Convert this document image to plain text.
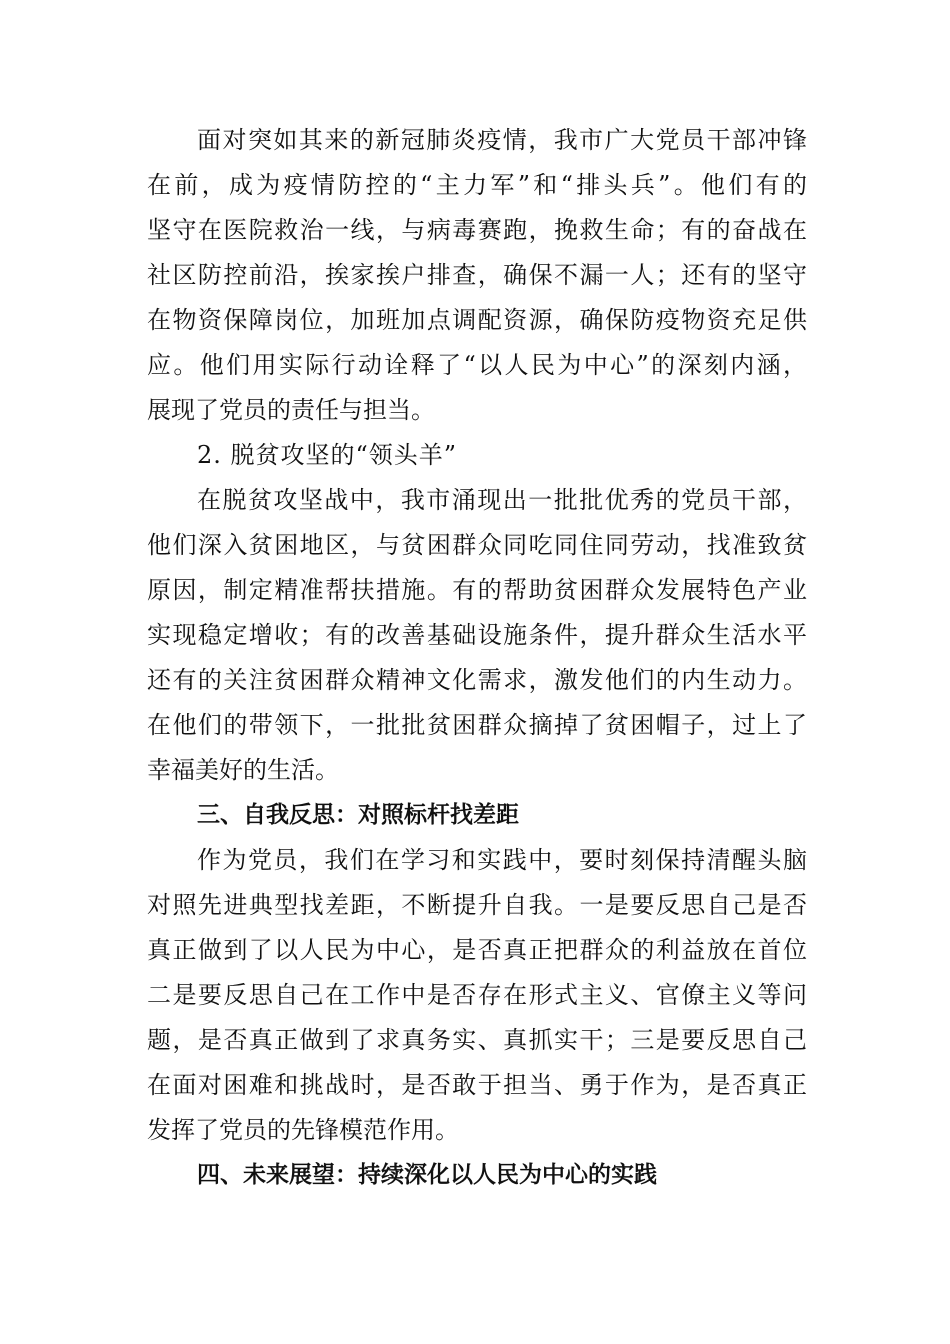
面对突如其来的新冠肺炎疫情，我市广大党员干部冲锋
在前，成为疫情防控的“主力军”和“排头兵”。他们有的
坚守在医院救治一线，与病毒赛跑，挽救生命；有的奋战在
社区防控前沿，挨家挨户排查，确保不漏一人；还有的坚守
在物资保障岗位，加班加点调配资源，确保防疫物资充足供
应。他们用实际行动诠释了“以人民为中心”的深刻内涵，
展现了党员的责任与担当。
2. 脱贫攻坚的“领头羊”
在脱贫攻坚战中，我市涌现出一批批优秀的党员干部，
他们深入贫困地区，与贫困群众同吃同住同劳动，找准致贫
原因，制定精准帮扶措施。有的帮助贫困群众发展特色产业
实现稳定增收；有的改善基础设施条件，提升群众生活水平
还有的关注贫困群众精神文化需求，激发他们的内生动力。
在他们的带领下，一批批贫困群众摘掉了贫困帽子，过上了
幸福美好的生活。
三、自我反思：对照标杆找差距
作为党员，我们在学习和实践中，要时刻保持清醒头脑
对照先进典型找差距，不断提升自我。一是要反思自己是否
真正做到了以人民为中心，是否真正把群众的利益放在首位
二是要反思自己在工作中是否存在形式主义、官僚主义等问
题，是否真正做到了求真务实、真抓实干；三是要反思自己
在面对困难和挑战时，是否敢于担当、勇于作为，是否真正
发挥了党员的先锋模范作用。
四、未来展望：持续深化以人民为中心的实践
